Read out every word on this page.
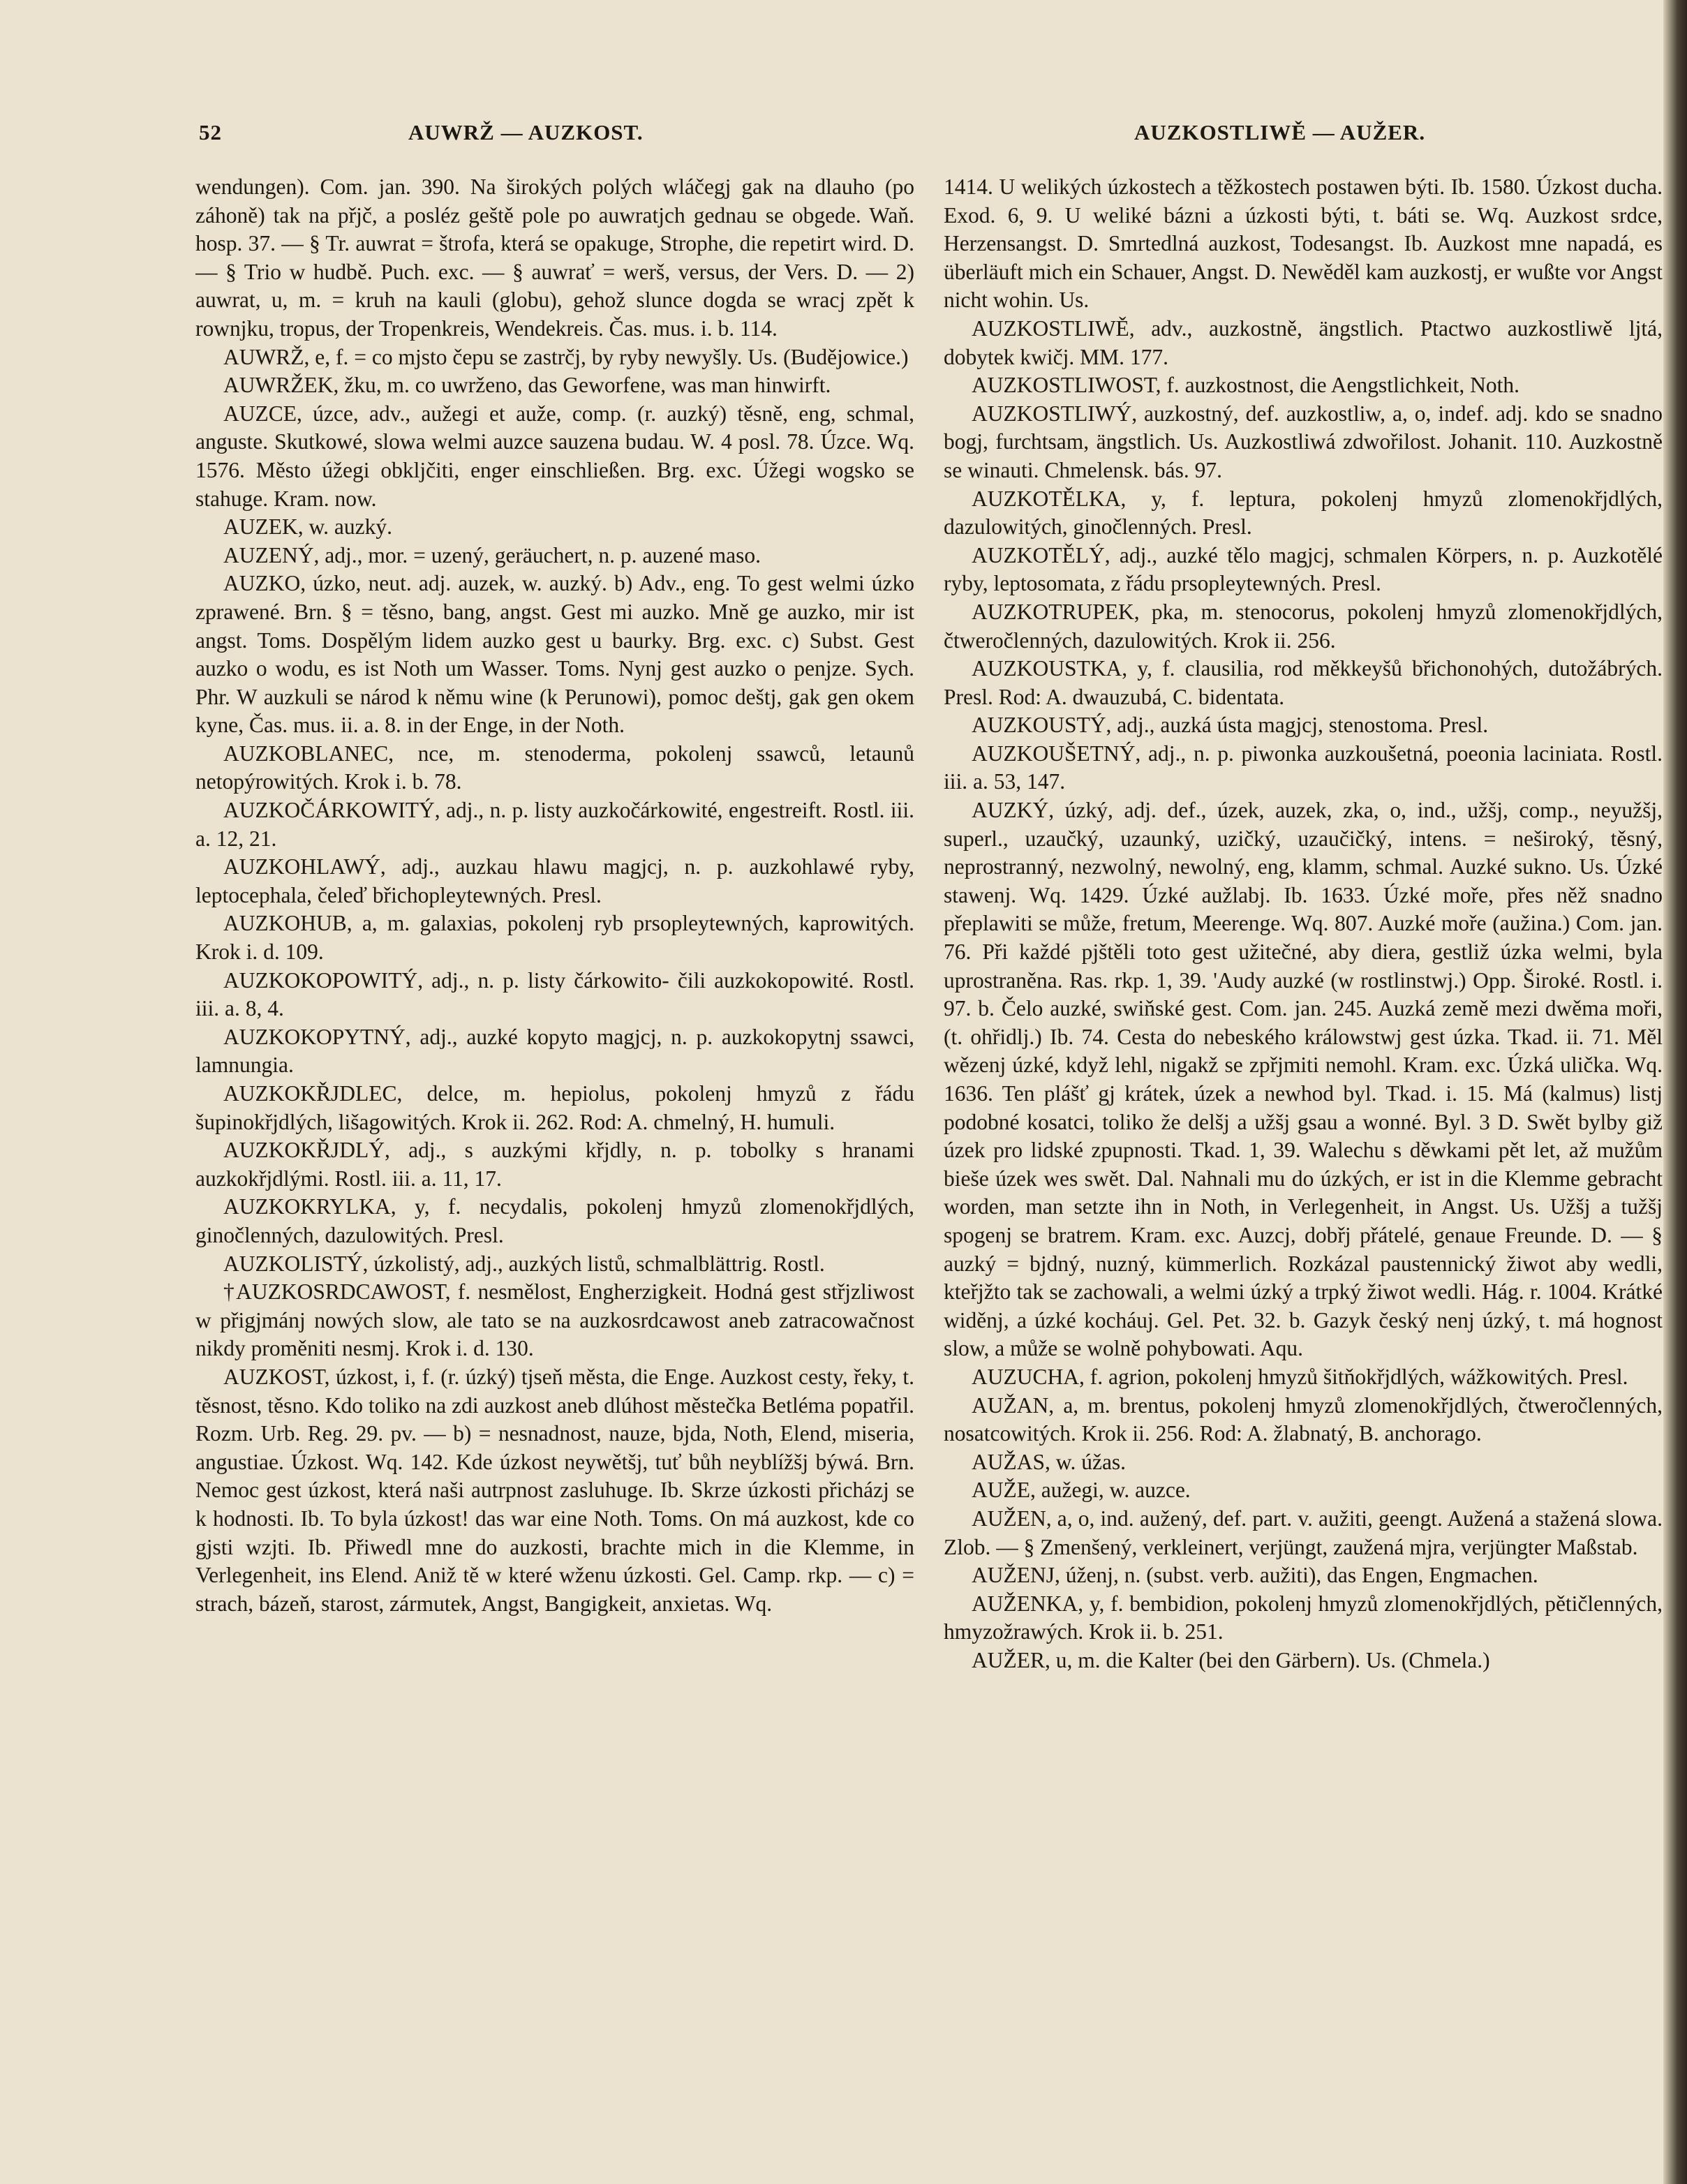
52	AUWRŽ — AUZKOST.	AUZKOSTLIWĚ — AUŽER.

wendungen). Com. jan. 390. Na širokých polých wláčegj gak na dlauho (po záhoně) tak na přjč, a posléz geště pole po auwratjch gednau se obgede. Waň. hosp. 37. — § Tr. auwrat = štrofa, která se opakuge, Strophe, die repetirt wird. D. — § Trio w hudbě. Puch. exc. — § auwrať = werš, versus, der Vers. D. — 2) auwrat, u, m. = kruh na kauli (globu), gehož slunce dogda se wracj zpět k rownjku, tropus, der Tropenkreis, Wendekreis. Čas. mus. i. b. 114.

AUWRŽ, e, f. = co mjsto čepu se zastrčj, by ryby newyšly. Us. (Budějowice.)

AUWRŽEK, žku, m. co uwrženo, das Geworfene, was man hinwirft.

AUZCE, úzce, adv., aužegi et auže, comp. (r. auzký) těsně, eng, schmal, anguste. Skutkowé, slowa welmi auzce sauzena budau. W. 4 posl. 78. Úzce. Wq. 1576. Město úžegi obkljčiti, enger einschließen. Brg. exc. Úžegi wogsko se stahuge. Kram. now.

AUZEK, w. auzký.

AUZENÝ, adj., mor. = uzený, geräuchert, n. p. auzené maso.

AUZKO, úzko, neut. adj. auzek, w. auzký. b) Adv., eng. To gest welmi úzko zprawené. Brn. § = těsno, bang, angst. Gest mi auzko. Mně ge auzko, mir ist angst. Toms. Dospělým lidem auzko gest u baurky. Brg. exc. c) Subst. Gest auzko o wodu, es ist Noth um Wasser. Toms. Nynj gest auzko o penjze. Sych. Phr. W auzkuli se národ k němu wine (k Perunowi), pomoc deštj, gak gen okem kyne, Čas. mus. ii. a. 8. in der Enge, in der Noth.

AUZKOBLANEC, nce, m. stenoderma, pokolenj ssawců, letaunů netopýrowitých. Krok i. b. 78.

AUZKOČÁRKOWITÝ, adj., n. p. listy auzkočárkowité, engestreift. Rostl. iii. a. 12, 21.

AUZKOHLAWÝ, adj., auzkau hlawu magjcj, n. p. auzkohlawé ryby, leptocephala, čeleď břichopleytewných. Presl.

AUZKOHUB, a, m. galaxias, pokolenj ryb prsopleytewných, kaprowitých. Krok i. d. 109.

AUZKOKOPOWITÝ, adj., n. p. listy čárkowito- čili auzkokopowité. Rostl. iii. a. 8, 4.

AUZKOKOPYTNÝ, adj., auzké kopyto magjcj, n. p. auzkokopytnj ssawci, lamnungia.

AUZKOKŘJDLEC, delce, m. hepiolus, pokolenj hmyzů z řádu šupinokřjdlých, lišagowitých. Krok ii. 262. Rod: A. chmelný, H. humuli.

AUZKOKŘJDLÝ, adj., s auzkými křjdly, n. p. tobolky s hranami auzkokřjdlými. Rostl. iii. a. 11, 17.

AUZKOKRYLKA, y, f. necydalis, pokolenj hmyzů zlomenokřjdlých, ginočlenných, dazulowitých. Presl.

AUZKOLISTÝ, úzkolistý, adj., auzkých listů, schmalblättrig. Rostl.

†AUZKOSRDCAWOST, f. nesmělost, Engherzigkeit. Hodná gest střjzliwost w přigjmánj nowých slow, ale tato se na auzkosrdcawost aneb zatracowačnost nikdy proměniti nesmj. Krok i. d. 130.

AUZKOST, úzkost, i, f. (r. úzký) tjseň města, die Enge. Auzkost cesty, řeky, t. těsnost, těsno. Kdo toliko na zdi auzkost aneb dlúhost městečka Betléma popatřil. Rozm. Urb. Reg. 29. pv. — b) = nesnadnost, nauze, bjda, Noth, Elend, miseria, angustiae. Úzkost. Wq. 142. Kde úzkost neywětšj, tuť bůh neyblížšj býwá. Brn. Nemoc gest úzkost, která naši autrpnost zasluhuge. Ib. Skrze úzkosti přicházj se k hodnosti. Ib. To byla úzkost! das war eine Noth. Toms. On má auzkost, kde co gjsti wzjti. Ib. Přiwedl mne do auzkosti, brachte mich in die Klemme, in Verlegenheit, ins Elend. Aniž tě w které wženu úzkosti. Gel. Camp. rkp. — c) = strach, bázeň, starost, zármutek, Angst, Bangigkeit, anxietas. Wq.

1414. U welikých úzkostech a těžkostech postawen býti. Ib. 1580. Úzkost ducha. Exod. 6, 9. U weliké bázni a úzkosti býti, t. báti se. Wq. Auzkost srdce, Herzensangst. D. Smrtedlná auzkost, Todesangst. Ib. Auzkost mne napadá, es überläuft mich ein Schauer, Angst. D. Newěděl kam auzkostj, er wußte vor Angst nicht wohin. Us.

AUZKOSTLIWĚ, adv., auzkostně, ängstlich. Ptactwo auzkostliwě ljtá, dobytek kwičj. MM. 177.

AUZKOSTLIWOST, f. auzkostnost, die Aengstlichkeit, Noth.

AUZKOSTLIWÝ, auzkostný, def. auzkostliw, a, o, indef. adj. kdo se snadno bogj, furchtsam, ängstlich. Us. Auzkostliwá zdwořilost. Johanit. 110. Auzkostně se winauti. Chmelensk. bás. 97.

AUZKOTĚLKA, y, f. leptura, pokolenj hmyzů zlomenokřjdlých, dazulowitých, ginočlenných. Presl.

AUZKOTĚLÝ, adj., auzké tělo magjcj, schmalen Körpers, n. p. Auzkotělé ryby, leptosomata, z řádu prsopleytewných. Presl.

AUZKOTRUPEK, pka, m. stenocorus, pokolenj hmyzů zlomenokřjdlých, čtweročlenných, dazulowitých. Krok ii. 256.

AUZKOUSTKA, y, f. clausilia, rod měkkeyšů břichonohých, dutožábrých. Presl. Rod: A. dwauzubá, C. bidentata.

AUZKOUSTÝ, adj., auzká ústa magjcj, stenostoma. Presl.

AUZKOUŠETNÝ, adj., n. p. piwonka auzkoušetná, poeonia laciniata. Rostl. iii. a. 53, 147.

AUZKÝ, úzký, adj. def., úzek, auzek, zka, o, ind., užšj, comp., neyužšj, superl., uzaučký, uzaunký, uzičký, uzaučičký, intens. = neširoký, těsný, neprostranný, nezwolný, newolný, eng, klamm, schmal. Auzké sukno. Us. Úzké stawenj. Wq. 1429. Úzké aužlabj. Ib. 1633. Úzké moře, přes něž snadno přeplawiti se může, fretum, Meerenge. Wq. 807. Auzké moře (aužina.) Com. jan. 76. Při každé pjštěli toto gest užitečné, aby diera, gestliž úzka welmi, byla uprostraněna. Ras. rkp. 1, 39. 'Audy auzké (w rostlinstwj.) Opp. Široké. Rostl. i. 97. b. Čelo auzké, swiňské gest. Com. jan. 245. Auzká země mezi dwěma moři, (t. ohřidlj.) Ib. 74. Cesta do nebeského králowstwj gest úzka. Tkad. ii. 71. Měl wězenj úzké, když lehl, nigakž se zpřjmiti nemohl. Kram. exc. Úzká ulička. Wq. 1636. Ten plášť gj krátek, úzek a newhod byl. Tkad. i. 15. Má (kalmus) listj podobné kosatci, toliko že delšj a užšj gsau a wonné. Byl. 3 D. Swět bylby giž úzek pro lidské zpupnosti. Tkad. 1, 39. Walechu s děwkami pět let, až mužům bieše úzek wes swět. Dal. Nahnali mu do úzkých, er ist in die Klemme gebracht worden, man setzte ihn in Noth, in Verlegenheit, in Angst. Us. Užšj a tužšj spogenj se bratrem. Kram. exc. Auzcj, dobřj přátelé, genaue Freunde. D. — § auzký = bjdný, nuzný, kümmerlich. Rozkázal paustennický žiwot aby wedli, kteřjžto tak se zachowali, a welmi úzký a trpký žiwot wedli. Hág. r. 1004. Krátké widěnj, a úzké kocháuj. Gel. Pet. 32. b. Gazyk český nenj úzký, t. má hognost slow, a může se wolně pohybowati. Aqu.

AUZUCHA, f. agrion, pokolenj hmyzů šitňokřjdlých, wážkowitých. Presl.

AUŽAN, a, m. brentus, pokolenj hmyzů zlomenokřjdlých, čtweročlenných, nosatcowitých. Krok ii. 256. Rod: A. žlabnatý, B. anchorago.

AUŽAS, w. úžas.

AUŽE, aužegi, w. auzce.

AUŽEN, a, o, ind. aužený, def. part. v. aužiti, geengt. Aužená a stažená slowa. Zlob. — § Zmenšený, verkleinert, verjüngt, zaužená mjra, verjüngter Maßstab.

AUŽENJ, úženj, n. (subst. verb. aužiti), das Engen, Engmachen.

AUŽENKA, y, f. bembidion, pokolenj hmyzů zlomenokřjdlých, pětičlenných, hmyzožrawých. Krok ii. b. 251.

AUŽER, u, m. die Kalter (bei den Gärbern). Us. (Chmela.)
